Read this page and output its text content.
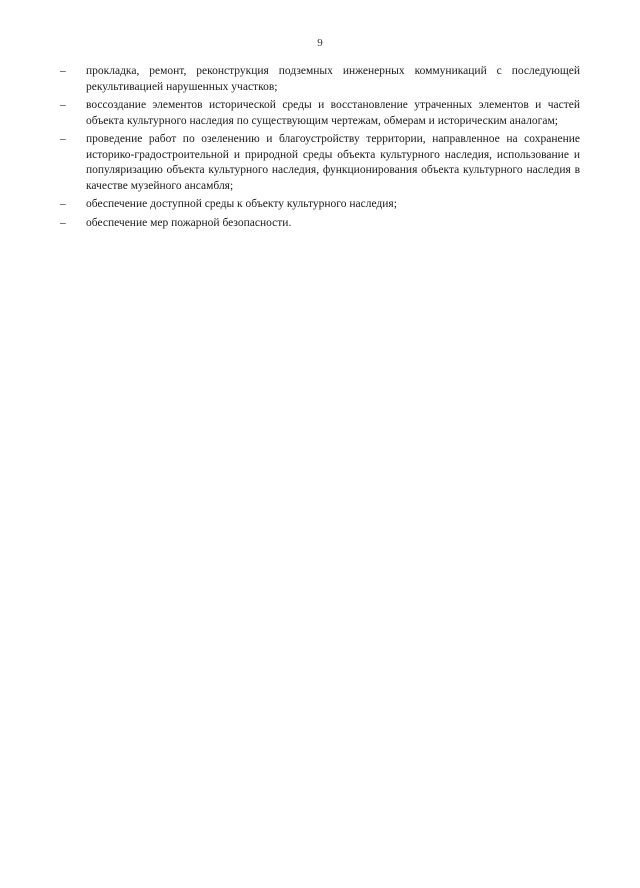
9
–	прокладка, ремонт, реконструкция подземных инженерных коммуникаций с последующей рекультивацией нарушенных участков;
–	воссоздание элементов исторической среды и восстановление утраченных элементов и частей объекта культурного наследия по существующим чертежам, обмерам и историческим аналогам;
–	проведение работ по озеленению и благоустройству территории, направленное на сохранение историко-градостроительной и природной среды объекта культурного наследия, использование и популяризацию объекта культурного наследия, функционирования объекта культурного наследия в качестве музейного ансамбля;
–	обеспечение доступной среды к объекту культурного наследия;
–	обеспечение мер пожарной безопасности.
